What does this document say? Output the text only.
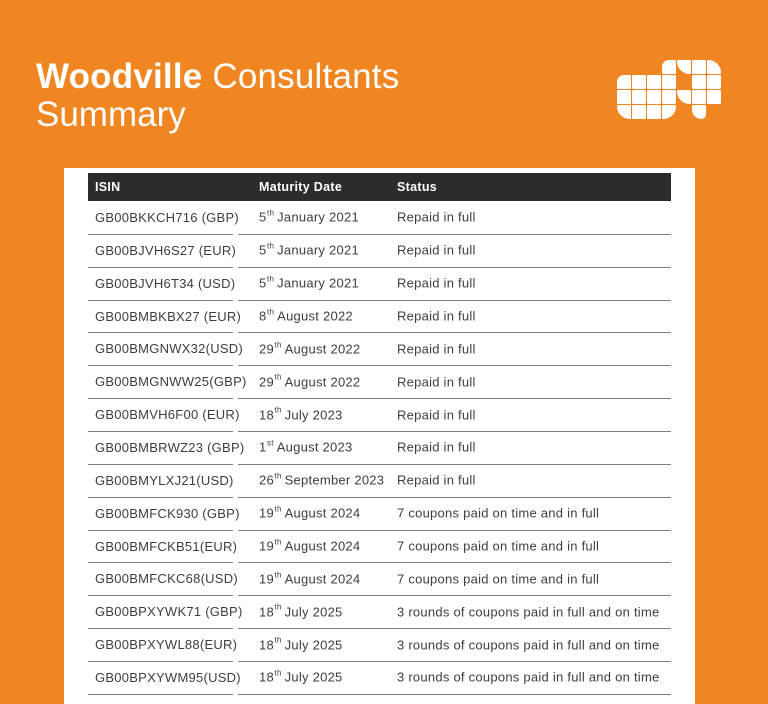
Woodville Consultants
Summary
ISIN	Maturity Date	Status
GB00BKKCH716 (GBP) 5th January 2021	Repaid in full
GB00BJVH6S27 (EUR) 5th January 2021	Repaid in full
GB00BJVH6T34 (USD) 5th January 2021	Repaid in full
GB00BMBKBX27 (EUR) 8th August 2022	Repaid in full
GB00BMGNWX32(USD) 29th August 2022	Repaid in full
GB00BMGNWW25(GBP) 29th August 2022	Repaid in full
GB00BMVH6F00 (EUR) 18th July 2023	Repaid in full
GB00BMBRWZ23 (GBP) 1st August 2023	Repaid in full
GB00BMYLXJ21(USD) 26th September 2023 Repaid in full
GB00BMFCK930 (GBP) 19th August 2024	7 coupons paid on time and in full
GB00BMFCKB51(EUR) 19th August 2024	7 coupons paid on time and in full
GB00BMFCKC68(USD) 19th August 2024	7 coupons paid on time and in full
GB00BPXYWK71 (GBP) 18th July 2025	3 rounds of coupons paid in full and on time
GB00BPXYWL88(EUR) 18th July 2025	3 rounds of coupons paid in full and on time
GB00BPXYWM95(USD) 18th July 2025	3 rounds of coupons paid in full and on time
